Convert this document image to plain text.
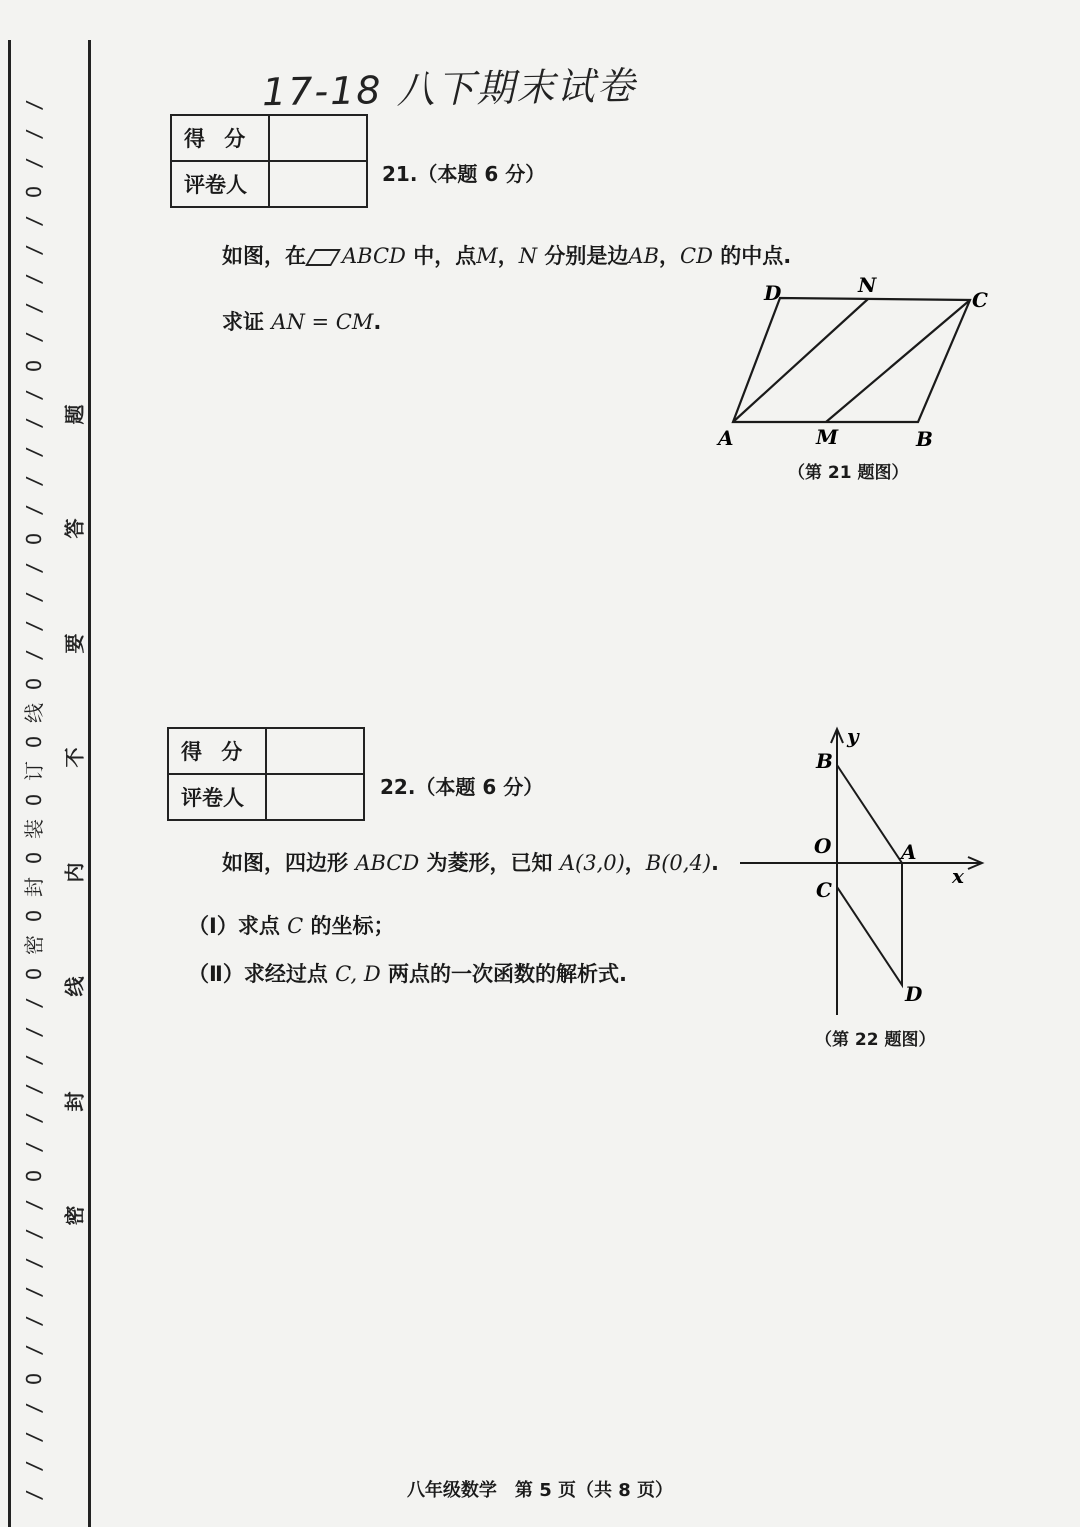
/
/
/
O
/
/
/
/
/
O
/
/
/
/
/
O
/
/
/
/
O
线
O
订
O
装
O
封
O
密
O
/
/
/
/
/
/
O
/
/
/
/
/
/
O
/
/
/
/
题
答
要
不
内
线
封
密
17-18 八下期末试卷
得 分	
评卷人		21.（本题 6 分）
如图，在 ABCD 中，点M，N 分别是边AB，CD 的中点.
求证 AN = CM.
A	M	B
C
D	N
（第 21 题图）
得 分	
评卷人		22.（本题 6 分）
如图，四边形 ABCD 为菱形，已知 A(3,0)，B(0,4).
（Ⅰ）求点 C 的坐标；
（Ⅱ）求经过点 C, D 两点的一次函数的解析式.
y
B
O	A
x
C
D
（第 22 题图）
八年级数学　第 5 页（共 8 页）
